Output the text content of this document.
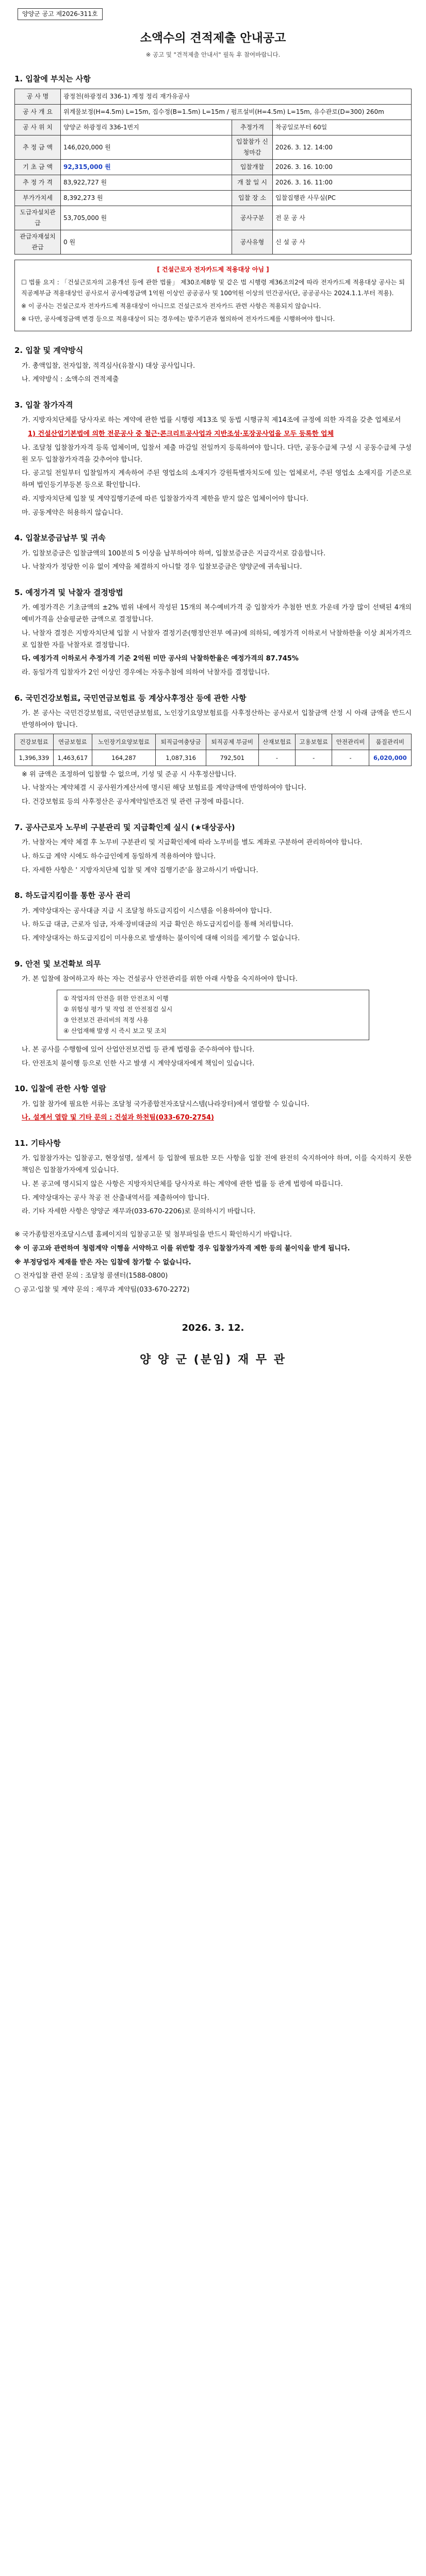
양양군 공고 제2026-311호
소액수의 견적제출 안내공고
※ 공고 및 "견적제출 안내서" 필독 후 참여바랍니다.
1. 입찰에 부치는 사항
공 사 명	광정천(하광정리 336-1) 계정 정리 재가유공사		
공 사 개 요	위계물보정(H=4.5m) L=15m, 집수정(B=1.5m) L=15m / 펌프설비(H=4.5m) L=15m, 유수관로(D=300) 260m		
공 사 위 치	양양군 하광정리 336-1번지	추정가격	착공일로부터 60일
추 정 금 액	146,020,000 원	입찰참가 신청마감	2026. 3. 12. 14:00
기 초 금 액	92,315,000 원	입찰개찰	2026. 3. 16. 10:00
추 정 가 격	83,922,727 원	개 찰 일 시	2026. 3. 16. 11:00
부가가치세	8,392,273 원	입찰 장 소	입찰집행관 사무실(PC
도급자설치관급	53,705,000 원	공사구분	전 문 공 사
관급자재설치관급	0 원	공사유형	신 설 공 사
[ 건설근로자 전자카드제 적용대상 아님 ]

☐ 법률 요지 : 「건설근로자의 고용개선 등에 관한 법률」 제30조제8항 및 같은 법 시행령 제36조의2에 따라 전자카드제 적용대상 공사는 퇴직공제부금 적용대상인 공사로서 공사예정금액 1억원 이상인 공공공사 및 100억원 이상의 민간공사(단, 공공공사는 2024.1.1.부터 적용).

※ 이 공사는 건설근로자 전자카드제 적용대상이 아니므로 건설근로자 전자카드 관련 사항은 적용되지 않습니다.

※ 다만, 공사예정금액 변경 등으로 적용대상이 되는 경우에는 발주기관과 협의하여 전자카드제를 시행하여야 합니다.

2. 입찰 및 계약방식

가. 총액입찰, 전자입찰, 적격심사(유찰시) 대상 공사입니다.

나. 계약방식 : 소액수의 견적제출

3. 입찰 참가자격

가. 지방자치단체를 당사자로 하는 계약에 관한 법률 시행령 제13조 및 동법 시행규칙 제14조에 규정에 의한 자격을 갖춘 업체로서

1) 건설산업기본법에 의한 전문공사 중 철근·콘크리트공사업과 지반조성·포장공사업을 모두 등록한 업체

나. 조달청 입찰참가자격 등록 업체이며, 입찰서 제출 마감일 전일까지 등록하여야 합니다. 다만, 공동수급체 구성 시 공동수급체 구성원 모두 입찰참가자격을 갖추어야 합니다.

다. 공고일 전일부터 입찰일까지 계속하여 주된 영업소의 소재지가 강원특별자치도에 있는 업체로서, 주된 영업소 소재지를 기준으로 하며 법인등기부등본 등으로 확인합니다.

라. 지방자치단체 입찰 및 계약집행기준에 따른 입찰참가자격 제한을 받지 않은 업체이어야 합니다.

마. 공동계약은 허용하지 않습니다.

4. 입찰보증금납부 및 귀속

가. 입찰보증금은 입찰금액의 100분의 5 이상을 납부하여야 하며, 입찰보증금은 지급각서로 갈음합니다.

나. 낙찰자가 정당한 이유 없이 계약을 체결하지 아니할 경우 입찰보증금은 양양군에 귀속됩니다.

5. 예정가격 및 낙찰자 결정방법

가. 예정가격은 기초금액의 ±2% 범위 내에서 작성된 15개의 복수예비가격 중 입찰자가 추첨한 번호 가운데 가장 많이 선택된 4개의 예비가격을 산술평균한 금액으로 결정합니다.

나. 낙찰자 결정은 지방자치단체 입찰 시 낙찰자 결정기준(행정안전부 예규)에 의하되, 예정가격 이하로서 낙찰하한율 이상 최저가격으로 입찰한 자를 낙찰자로 결정합니다.

다. 예정가격 이하로서 추정가격 기준 2억원 미만 공사의 낙찰하한율은 예정가격의 87.745%

라. 동일가격 입찰자가 2인 이상인 경우에는 자동추첨에 의하여 낙찰자를 결정합니다.

6. 국민건강보험료, 국민연금보험료 등 계상사후정산 등에 관한 사항

가. 본 공사는 국민건강보험료, 국민연금보험료, 노인장기요양보험료를 사후정산하는 공사로서 입찰금액 산정 시 아래 금액을 반드시 반영하여야 합니다.

건강보험료	연금보험료	노인장기요양보험료	퇴직급여충당금	퇴직공제 부금비	산재보험료	고용보험료	안전관리비	품질관리비
1,396,339	1,463,617	164,287	1,087,316	792,501	-	-	-	6,020,000

※ 위 금액은 조정하여 입찰할 수 없으며, 기성 및 준공 시 사후정산합니다.

나. 낙찰자는 계약체결 시 공사원가계산서에 명시된 해당 보험료를 계약금액에 반영하여야 합니다.

다. 건강보험료 등의 사후정산은 공사계약일반조건 및 관련 규정에 따릅니다.

7. 공사근로자 노무비 구분관리 및 지급확인제 실시 (★대상공사)

가. 낙찰자는 계약 체결 후 노무비 구분관리 및 지급확인제에 따라 노무비를 별도 계좌로 구분하여 관리하여야 합니다.

나. 하도급 계약 시에도 하수급인에게 동일하게 적용하여야 합니다.

다. 자세한 사항은 ' 지방자치단체 입찰 및 계약 집행기준'을 참고하시기 바랍니다.

8. 하도급지킴이를 통한 공사 관리

가. 계약상대자는 공사대금 지급 시 조달청 하도급지킴이 시스템을 이용하여야 합니다.

나. 하도급 대금, 근로자 임금, 자재·장비대금의 지급 확인은 하도급지킴이를 통해 처리합니다.

다. 계약상대자는 하도급지킴이 미사용으로 발생하는 불이익에 대해 이의를 제기할 수 없습니다.

9. 안전 및 보건확보 의무

가. 본 입찰에 참여하고자 하는 자는 건설공사 안전관리를 위한 아래 사항을 숙지하여야 합니다.

① 작업자의 안전을 위한 안전조치 이행
② 위험성 평가 및 작업 전 안전점검 실시
③ 안전보건 관리비의 적정 사용
④ 산업재해 발생 시 즉시 보고 및 조치

나. 본 공사를 수행함에 있어 산업안전보건법 등 관계 법령을 준수하여야 합니다.

다. 안전조치 불이행 등으로 인한 사고 발생 시 계약상대자에게 책임이 있습니다.

10. 입찰에 관한 사항 열람

가. 입찰 참가에 필요한 서류는 조달청 국가종합전자조달시스템(나라장터)에서 열람할 수 있습니다.

나. 설계서 열람 및 기타 문의 : 건설과 하천팀(033-670-2754)

11. 기타사항

가. 입찰참가자는 입찰공고, 현장설명, 설계서 등 입찰에 필요한 모든 사항을 입찰 전에 완전히 숙지하여야 하며, 이를 숙지하지 못한 책임은 입찰참가자에게 있습니다.

나. 본 공고에 명시되지 않은 사항은 지방자치단체를 당사자로 하는 계약에 관한 법률 등 관계 법령에 따릅니다.

다. 계약상대자는 공사 착공 전 산출내역서를 제출하여야 합니다.

라. 기타 자세한 사항은 양양군 재무과(033-670-2206)로 문의하시기 바랍니다.

※ 국가종합전자조달시스템 홈페이지의 입찰공고문 및 첨부파일을 반드시 확인하시기 바랍니다.

※ 이 공고와 관련하여 청렴계약 이행을 서약하고 이를 위반할 경우 입찰참가자격 제한 등의 불이익을 받게 됩니다.

※ 부정당업자 제재를 받은 자는 입찰에 참가할 수 없습니다.

○ 전자입찰 관련 문의 : 조달청 콜센터(1588-0800)

○ 공고·입찰 및 계약 문의 : 재무과 계약팀(033-670-2272)

2026. 3. 12.
양 양 군 (분임) 재 무 관
